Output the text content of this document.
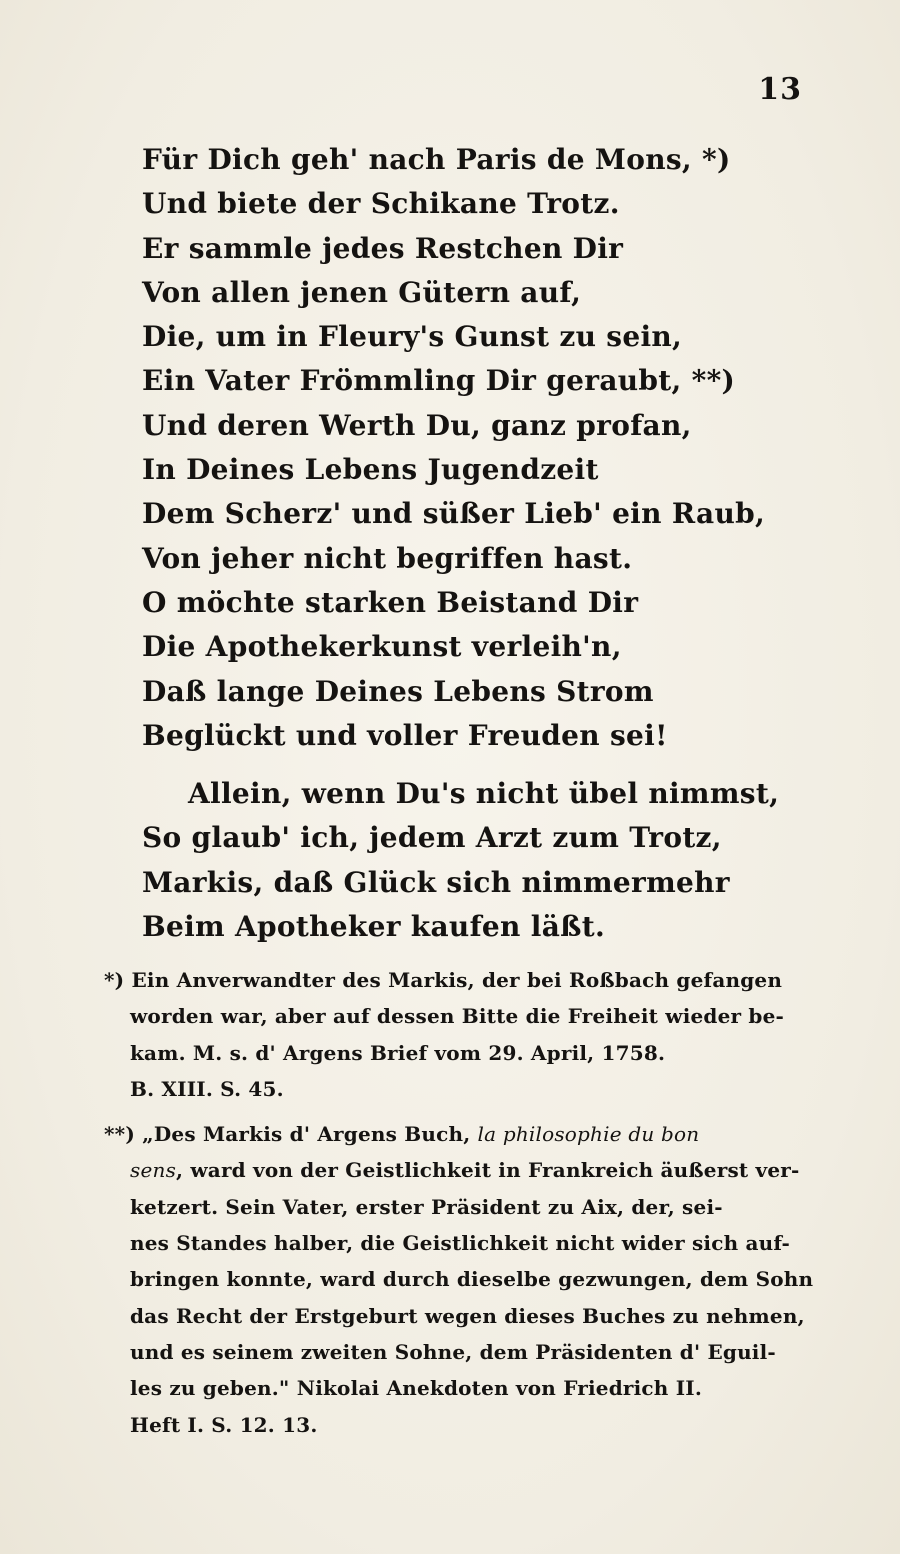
13
Für Dich geh' nach Paris de Mons, *)
Und biete der Schikane Trotz.
Er sammle jedes Restchen Dir
Von allen jenen Gütern auf,
Die, um in Fleury's Gunst zu sein,
Ein Vater Frömmling Dir geraubt, **)
Und deren Werth Du, ganz profan,
In Deines Lebens Jugendzeit
Dem Scherz' und süßer Lieb' ein Raub,
Von jeher nicht begriffen hast.
O möchte starken Beistand Dir
Die Apothekerkunst verleih'n,
Daß lange Deines Lebens Strom
Beglückt und voller Freuden sei!
Allein, wenn Du's nicht übel nimmst,
So glaub' ich, jedem Arzt zum Trotz,
Markis, daß Glück sich nimmermehr
Beim Apotheker kaufen läßt.
*) Ein Anverwandter des Markis, der bei Roßbach gefangen
worden war, aber auf dessen Bitte die Freiheit wieder be-
kam. M. s. d' Argens Brief vom 29. April, 1758.
B. XIII. S. 45.
**) „Des Markis d' Argens Buch, la philosophie du bon
sens, ward von der Geistlichkeit in Frankreich äußerst ver-
ketzert. Sein Vater, erster Präsident zu Aix, der, sei-
nes Standes halber, die Geistlichkeit nicht wider sich auf-
bringen konnte, ward durch dieselbe gezwungen, dem Sohn
das Recht der Erstgeburt wegen dieses Buches zu nehmen,
und es seinem zweiten Sohne, dem Präsidenten d' Eguil-
les zu geben." Nikolai Anekdoten von Friedrich II.
Heft I. S. 12. 13.
